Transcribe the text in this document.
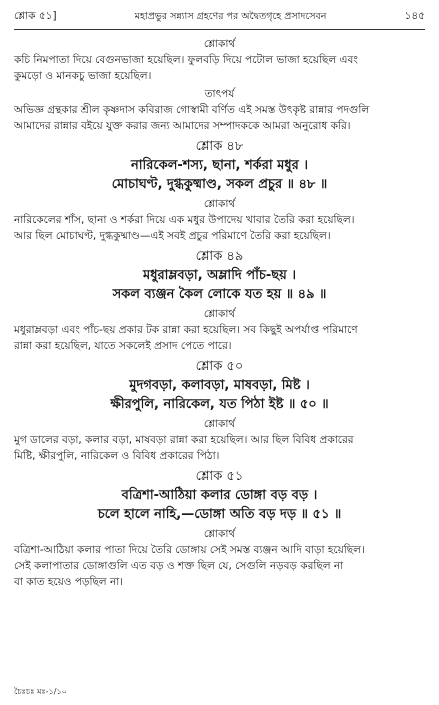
শ্লোক ৫১]	মহাপ্রভুর সন্ন্যাস গ্রহণের পর অদ্বৈতগৃহে প্রসাদসেবন	১৪৫
শ্লোকার্থ
কচি নিমপাতা দিয়ে বেগুনভাজা হয়েছিল। ফুলবড়ি দিয়ে পটোল ভাজা হয়েছিল এবং
কুমড়ো ও মানকচু ভাজা হয়েছিল।
তাৎপর্য
অভিজ্ঞ গ্রন্থকার শ্রীল কৃষ্ণদাস কবিরাজ গোস্বামী বর্ণিত এই সমস্ত উৎকৃষ্ট রান্নার পদগুলি
আমাদের রান্নার বইয়ে যুক্ত করার জন্য আমাদের সম্পাদককে আমরা অনুরোধ করি।
শ্লোক ৪৮
নারিকেল-শস্য, ছানা, শর্করা মধুর ।
মোচাঘণ্ট, দুগ্ধকুষ্মাণ্ড, সকল প্রচুর ॥ ৪৮ ॥
শ্লোকার্থ
নারিকেলের শাঁস, ছানা ও শর্করা দিয়ে এক মধুর উপাদেয় খাবার তৈরি করা হয়েছিল।
আর ছিল মোচাঘণ্ট, দুগ্ধকুষ্মাণ্ড—এই সবই প্রচুর পরিমাণে তৈরি করা হয়েছিল।
শ্লোক ৪৯
মধুরাম্লবড়া, অম্লাদি পাঁচ-ছয় ।
সকল ব্যঞ্জন কৈল লোকে যত হয় ॥ ৪৯ ॥
শ্লোকার্থ
মধুরাম্লবড়া এবং পাঁচ-ছয় প্রকার টক রান্না করা হয়েছিল। সব কিছুই অপর্যাপ্ত পরিমাণে
রান্না করা হয়েছিল, যাতে সকলেই প্রসাদ পেতে পারে।
শ্লোক ৫০
মুদগবড়া, কলাবড়া, মাষবড়া, মিষ্ট ।
ক্ষীরপুলি, নারিকেল, যত পিঠা ইষ্ট ॥ ৫০ ॥
শ্লোকার্থ
মুগ ডালের বড়া, কলার বড়া, মাষবড়া রান্না করা হয়েছিল। আর ছিল বিবিধ প্রকারের
মিষ্টি, ক্ষীরপুলি, নারিকেল ও বিবিধ প্রকারের পিঠা।
শ্লোক ৫১
বত্রিশা-আঠিয়া কলার ডোঙ্গা বড় বড় ।
চলে হালে নাহি,—ডোঙ্গা অতি বড় দড় ॥ ৫১ ॥
শ্লোকার্থ
বত্রিশা-আঠিয়া কলার পাতা দিয়ে তৈরি ডোঙ্গায় সেই সমস্ত ব্যঞ্জন আদি বাড়া হয়েছিল।
সেই কলাপাতার ডোঙ্গাগুলি এত বড় ও শক্ত ছিল যে, সেগুলি নড়বড় করছিল না
বা কাত হয়েও পড়ছিল না।
চৈঃচঃ মঃ-১/১০
